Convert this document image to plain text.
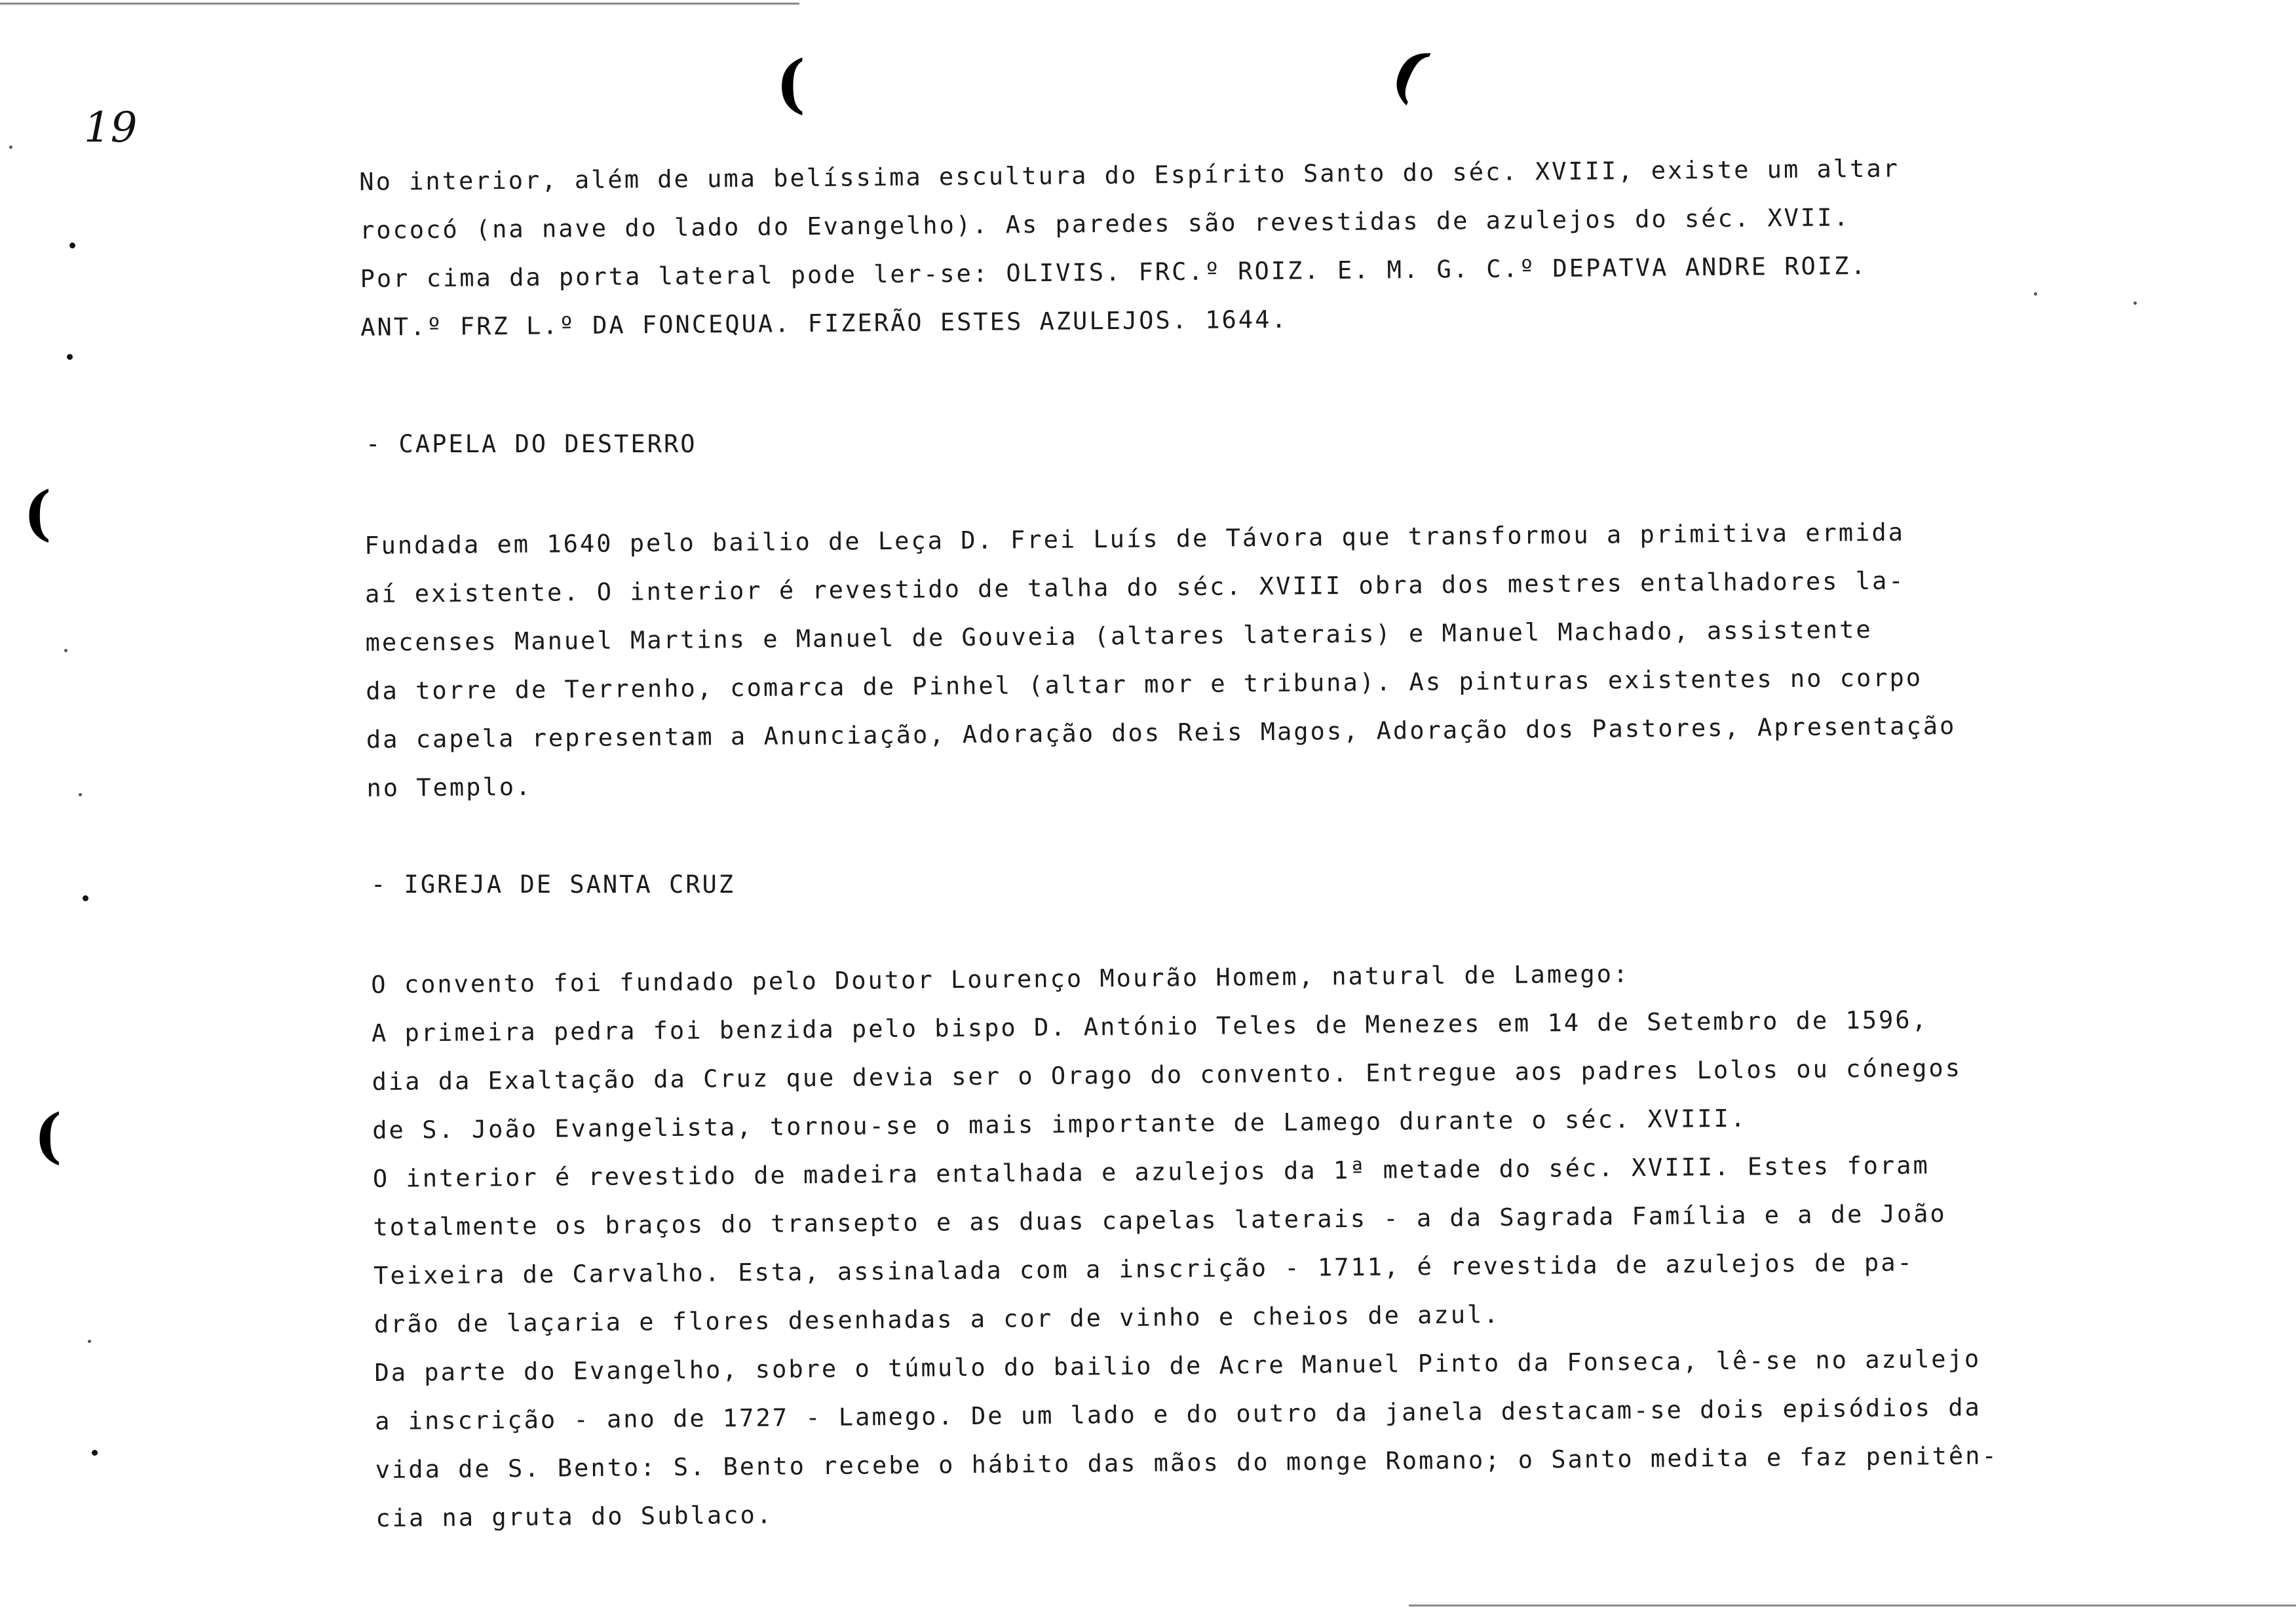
(	(
(
(
19
No interior, além de uma belíssima escultura do Espírito Santo do séc. XVIII, existe um altar
rococó (na nave do lado do Evangelho). As paredes são revestidas de azulejos do séc. XVII.
Por cima da porta lateral pode ler-se: OLIVIS. FRC.º ROIZ. E. M. G. C.º DEPATVA ANDRE ROIZ.
ANT.º FRZ L.º DA FONCEQUA. FIZERÃO ESTES AZULEJOS. 1644.
- CAPELA DO DESTERRO
Fundada em 1640 pelo bailio de Leça D. Frei Luís de Távora que transformou a primitiva ermida
aí existente. O interior é revestido de talha do séc. XVIII obra dos mestres entalhadores la-
mecenses Manuel Martins e Manuel de Gouveia (altares laterais) e Manuel Machado, assistente
da torre de Terrenho, comarca de Pinhel (altar mor e tribuna). As pinturas existentes no corpo
da capela representam a Anunciação, Adoração dos Reis Magos, Adoração dos Pastores, Apresentação
no Templo.
- IGREJA DE SANTA CRUZ
O convento foi fundado pelo Doutor Lourenço Mourão Homem, natural de Lamego:
A primeira pedra foi benzida pelo bispo D. António Teles de Menezes em 14 de Setembro de 1596,
dia da Exaltação da Cruz que devia ser o Orago do convento. Entregue aos padres Lolos ou cónegos
de S. João Evangelista, tornou-se o mais importante de Lamego durante o séc. XVIII.
O interior é revestido de madeira entalhada e azulejos da 1ª metade do séc. XVIII. Estes foram
totalmente os braços do transepto e as duas capelas laterais - a da Sagrada Família e a de João
Teixeira de Carvalho. Esta, assinalada com a inscrição - 1711, é revestida de azulejos de pa-
drão de laçaria e flores desenhadas a cor de vinho e cheios de azul.
Da parte do Evangelho, sobre o túmulo do bailio de Acre Manuel Pinto da Fonseca, lê-se no azulejo
a inscrição - ano de 1727 - Lamego. De um lado e do outro da janela destacam-se dois episódios da
vida de S. Bento: S. Bento recebe o hábito das mãos do monge Romano; o Santo medita e faz penitên-
cia na gruta do Sublaco.
